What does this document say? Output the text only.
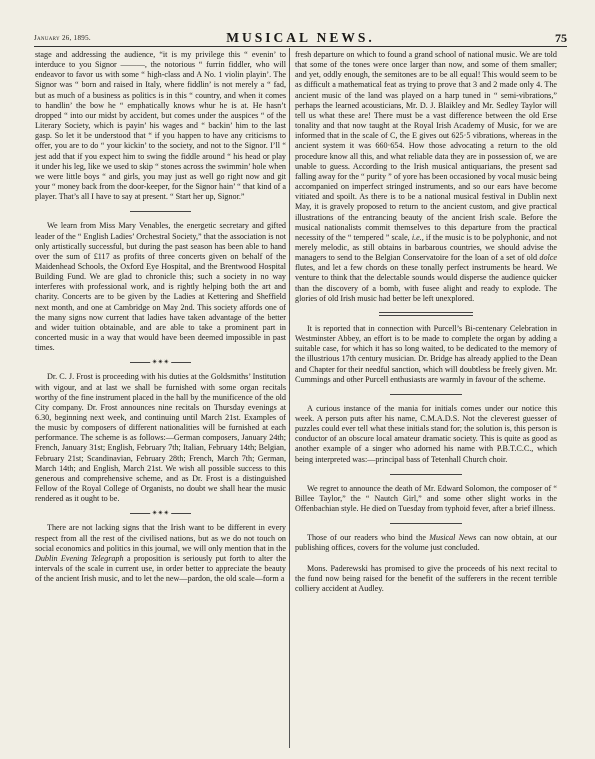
January 26, 1895.	MUSICAL NEWS.	75

stage and addressing the audience, “it is my privilege this “ evenin’ to interduce to you Signor ———, the notorious “ furrin fiddler, who will endeavor to favor us with some “ high-class and A No. 1 violin playin’. The Signor was “ born and raised in Italy, where fiddlin’ is not merely a “ fad, but as much of a business as politics is in this “ country, and when it comes to handlin’ the bow he “ emphatically knows whur he is at. He hasn’t dropped “ into our midst by accident, but comes under the auspices “ of the Literary Society, which is payin’ his wages and “ backin’ him to the last gasp. So let it be understood that “ if you happen to have any criticisms to offer, you are to do “ your kickin’ to the society, and not to the Signor. I’ll “ jest add that if you expect him to swing the fiddle around “ his head or play it under his leg, like we used to skip “ stones across the swimmin’ hole when we were little boys “ and girls, you may just as well go right now and git your “ money back from the door-keeper, for the Signor hain’ “ that kind of a player. That’s all I have to say at present. “ Start her up, Signor.”

We learn from Miss Mary Venables, the energetic secretary and gifted leader of the “ English Ladies’ Orchestral Society,” that the association is not only artistically successful, but during the past season has been able to hand over the sum of £117 as profits of three concerts given on behalf of the Maidenhead Schools, the Oxford Eye Hospital, and the Brentwood Hospital Building Fund. We are glad to chronicle this; such a society in no way interferes with professional work, and is rightly helping both the art and charity. Concerts are to be given by the Ladies at Kettering and Sheffield next month, and one at Cambridge on May 2nd. This society affords one of the many signs now current that ladies have taken advantage of the better and wider tuition obtainable, and are able to take a prominent part in concerted music in a way that would have been deemed impossible in past times.

✴✴✴

Dr. C. J. Frost is proceeding with his duties at the Goldsmiths’ Institution with vigour, and at last we shall be furnished with some organ recitals worthy of the fine instrument placed in the hall by the munificence of the old City company. Dr. Frost announces nine recitals on Thursday evenings at 6.30, beginning next week, and continuing until March 21st. Examples of the music by composers of different nationalities will be furnished at each performance. The scheme is as follows:—German composers, January 24th; French, January 31st; English, February 7th; Italian, February 14th; Belgian, February 21st; Scandinavian, February 28th; French, March 7th; German, March 14th; and English, March 21st. We wish all possible success to this generous and comprehensive scheme, and as Dr. Frost is a distinguished Fellow of the Royal College of Organists, no doubt we shall hear the music rendered as it ought to be.

✴✴✴

There are not lacking signs that the Irish want to be different in every respect from all the rest of the civilised nations, but as we do not touch on social economics and politics in this journal, we will only mention that in the Dublin Evening Telegraph a proposition is seriously put forth to alter the intervals of the scale in current use, in order better to appreciate the beauty of the ancient Irish music, and to let the new—pardon, the old scale—form a

fresh departure on which to found a grand school of national music. We are told that some of the tones were once larger than now, and some of them smaller; and yet, oddly enough, the semitones are to be all equal! This would seem to be as difficult a mathematical feat as trying to prove that 3 and 2 made only 4. The ancient music of the land was played on a harp tuned in “ semi-vibrations,” perhaps the learned acousticians, Mr. D. J. Blaikley and Mr. Sedley Taylor will tell us what these are! There must be a vast difference between the old Erse tonality and that now taught at the Royal Irish Academy of Music, for we are informed that in the scale of C, the E gives out 625·5 vibrations, whereas in the ancient system it was 660·654. How those advocating a return to the old procedure know all this, and what reliable data they are in possession of, we are unable to guess. According to the Irish musical antiquarians, the present sad falling away for the “ purity ” of yore has been occasioned by vocal music being accompanied on imperfect stringed instruments, and so our ears have become vitiated and spoilt. As there is to be a national musical festival in Dublin next May, it is gravely proposed to return to the ancient custom, and give practical illustrations of the entrancing beauty of the ancient Irish scale. Before the musical nationalists commit themselves to this departure from the practical necessity of the “ tempered ” scale, i.e., if the music is to be polyphonic, and not merely melodic, as still obtains in barbarous countries, we should advise the managers to send to the Belgian Conservatoire for the loan of a set of old dolce flutes, and let a few chords on these tonally perfect instruments be heard. We venture to think that the delectable sounds would disperse the audience quicker than the discovery of a bomb, with fusee alight and ready to explode. The glories of old Irish music had better be left unexplored.

It is reported that in connection with Purcell’s Bi-centenary Celebration in Westminster Abbey, an effort is to be made to complete the organ by adding a suitable case, for which it has so long waited, to be dedicated to the memory of the illustrious 17th century musician. Dr. Bridge has already applied to the Dean and Chapter for their needful sanction, which will doubtless be freely given. Mr. Cummings and other Purcell enthusiasts are warmly in favour of the scheme.

A curious instance of the mania for initials comes under our notice this week. A person puts after his name, C.M.A.D.S. Not the cleverest guesser of puzzles could ever tell what these initials stand for; the solution is, this person is conductor of an obscure local amateur dramatic society. This is quite as good as another example of a singer who adorned his name with P.B.T.C.C., which being interpreted was:—principal bass of Tetenhall Church choir.

We regret to announce the death of Mr. Edward Solomon, the composer of “ Billee Taylor,” the “ Nautch Girl,” and some other slight works in the Offenbachian style. He died on Tuesday from typhoid fever, after a brief illness.

Those of our readers who bind the Musical News can now obtain, at our publishing offices, covers for the volume just concluded.

Mons. Paderewski has promised to give the proceeds of his next recital to the fund now being raised for the benefit of the sufferers in the recent terrible colliery accident at Audley.
